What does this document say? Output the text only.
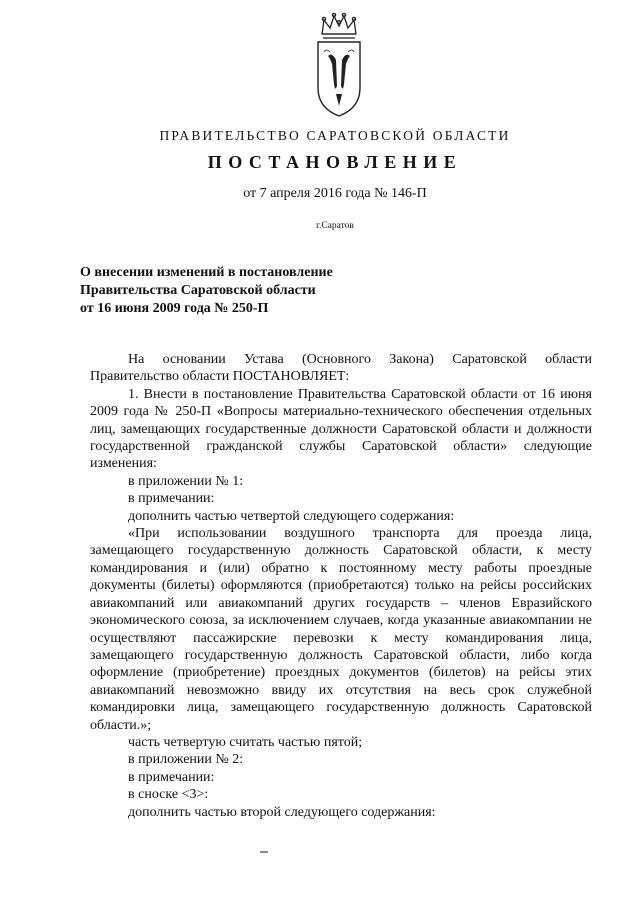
ПРАВИТЕЛЬСТВО САРАТОВСКОЙ ОБЛАСТИ
ПОСТАНОВЛЕНИЕ
от 7 апреля 2016 года № 146-П
г.Саратов
О внесении изменений в постановление
Правительства Саратовской области
от 16 июня 2009 года № 250-П

На основании Устава (Основного Закона) Саратовской области Правительство области ПОСТАНОВЛЯЕТ:

1. Внести в постановление Правительства Саратовской области от 16 июня 2009 года № 250-П «Вопросы материально-технического обеспечения отдельных лиц, замещающих государственные должности Саратовской области и должности государственной гражданской службы Саратовской области» следующие изменения:

в приложении № 1:

в примечании:

дополнить частью четвертой следующего содержания:

«При использовании воздушного транспорта для проезда лица, замещающего государственную должность Саратовской области, к месту командирования и (или) обратно к постоянному месту работы проездные документы (билеты) оформляются (приобретаются) только на рейсы российских авиакомпаний или авиакомпаний других государств – членов Евразийского экономического союза, за исключением случаев, когда указанные авиакомпании не осуществляют пассажирские перевозки к месту командирования лица, замещающего государственную должность Саратовской области, либо когда оформление (приобретение) проездных документов (билетов) на рейсы этих авиакомпаний невозможно ввиду их отсутствия на весь срок служебной командировки лица, замещающего государственную должность Саратовской области.»;

часть четвертую считать частью пятой;

в приложении № 2:

в примечании:

в сноске <3>:

дополнить частью второй следующего содержания:
